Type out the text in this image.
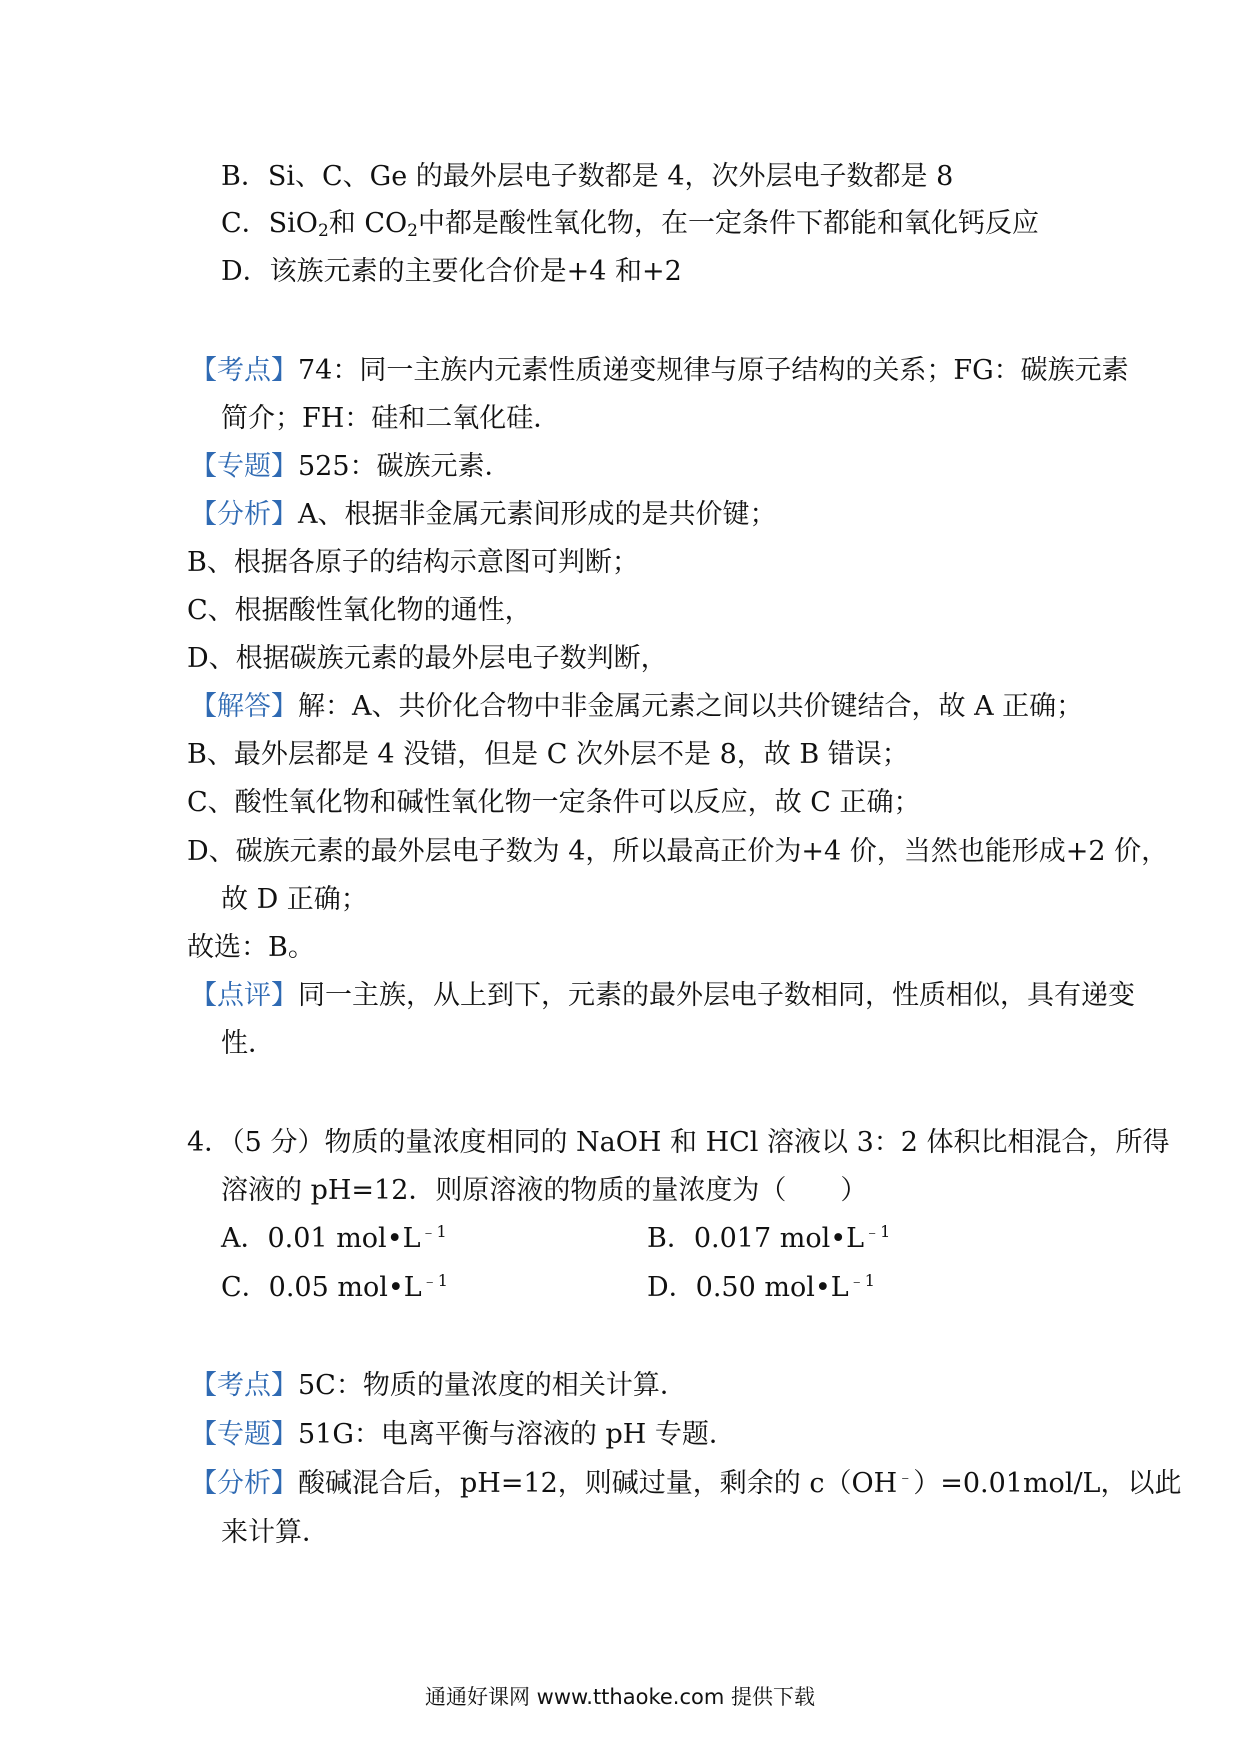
B．Si、C、Ge 的最外层电子数都是 4，次外层电子数都是 8
C．SiO$_2$和 $CO_2$中都是酸性氧化物，在一定条件下都能和氧化钙反应
D．该族元素的主要化合价是+4 和+2
【考点】74：同一主族内元素性质递变规律与原子结构的关系；FG：碳族元素
简介；FH：硅和二氧化硅．
【专题】525：碳族元素．
【分析】A、根据非金属元素间形成的是共价键；
B、根据各原子的结构示意图可判断；
C、根据酸性氧化物的通性，
D、根据碳族元素的最外层电子数判断，
【解答】解：A、共价化合物中非金属元素之间以共价键结合，故 A 正确；
B、最外层都是 4 没错，但是 C 次外层不是 8，故 B 错误；
C、酸性氧化物和碱性氧化物一定条件可以反应，故 C 正确；
D、碳族元素的最外层电子数为 4，所以最高正价为+4 价，当然也能形成+2 价，
故 D 正确；
故选：B。
【点评】同一主族，从上到下，元素的最外层电子数相同，性质相似，具有递变
性．
4．（5 分）物质的量浓度相同的 NaOH 和 HCl 溶液以 3：2 体积比相混合，所得
溶液的 pH=12．则原溶液的物质的量浓度为（　　）
A．0.01 $mol•L^{﹣1}$	B．0.017 $mol•L^{﹣1}$
C．0.05 $mol•L^{﹣1}$	D．0.50 $mol•L^{﹣1}$
【考点】5C：物质的量浓度的相关计算．
【专题】51G：电离平衡与溶液的 pH 专题．
【分析】酸碱混合后，pH=12，则碱过量，剩余的 c（OH﹣）=0.01mol/L，以此
来计算．
通通好课网 www.tthaoke.com 提供下载
